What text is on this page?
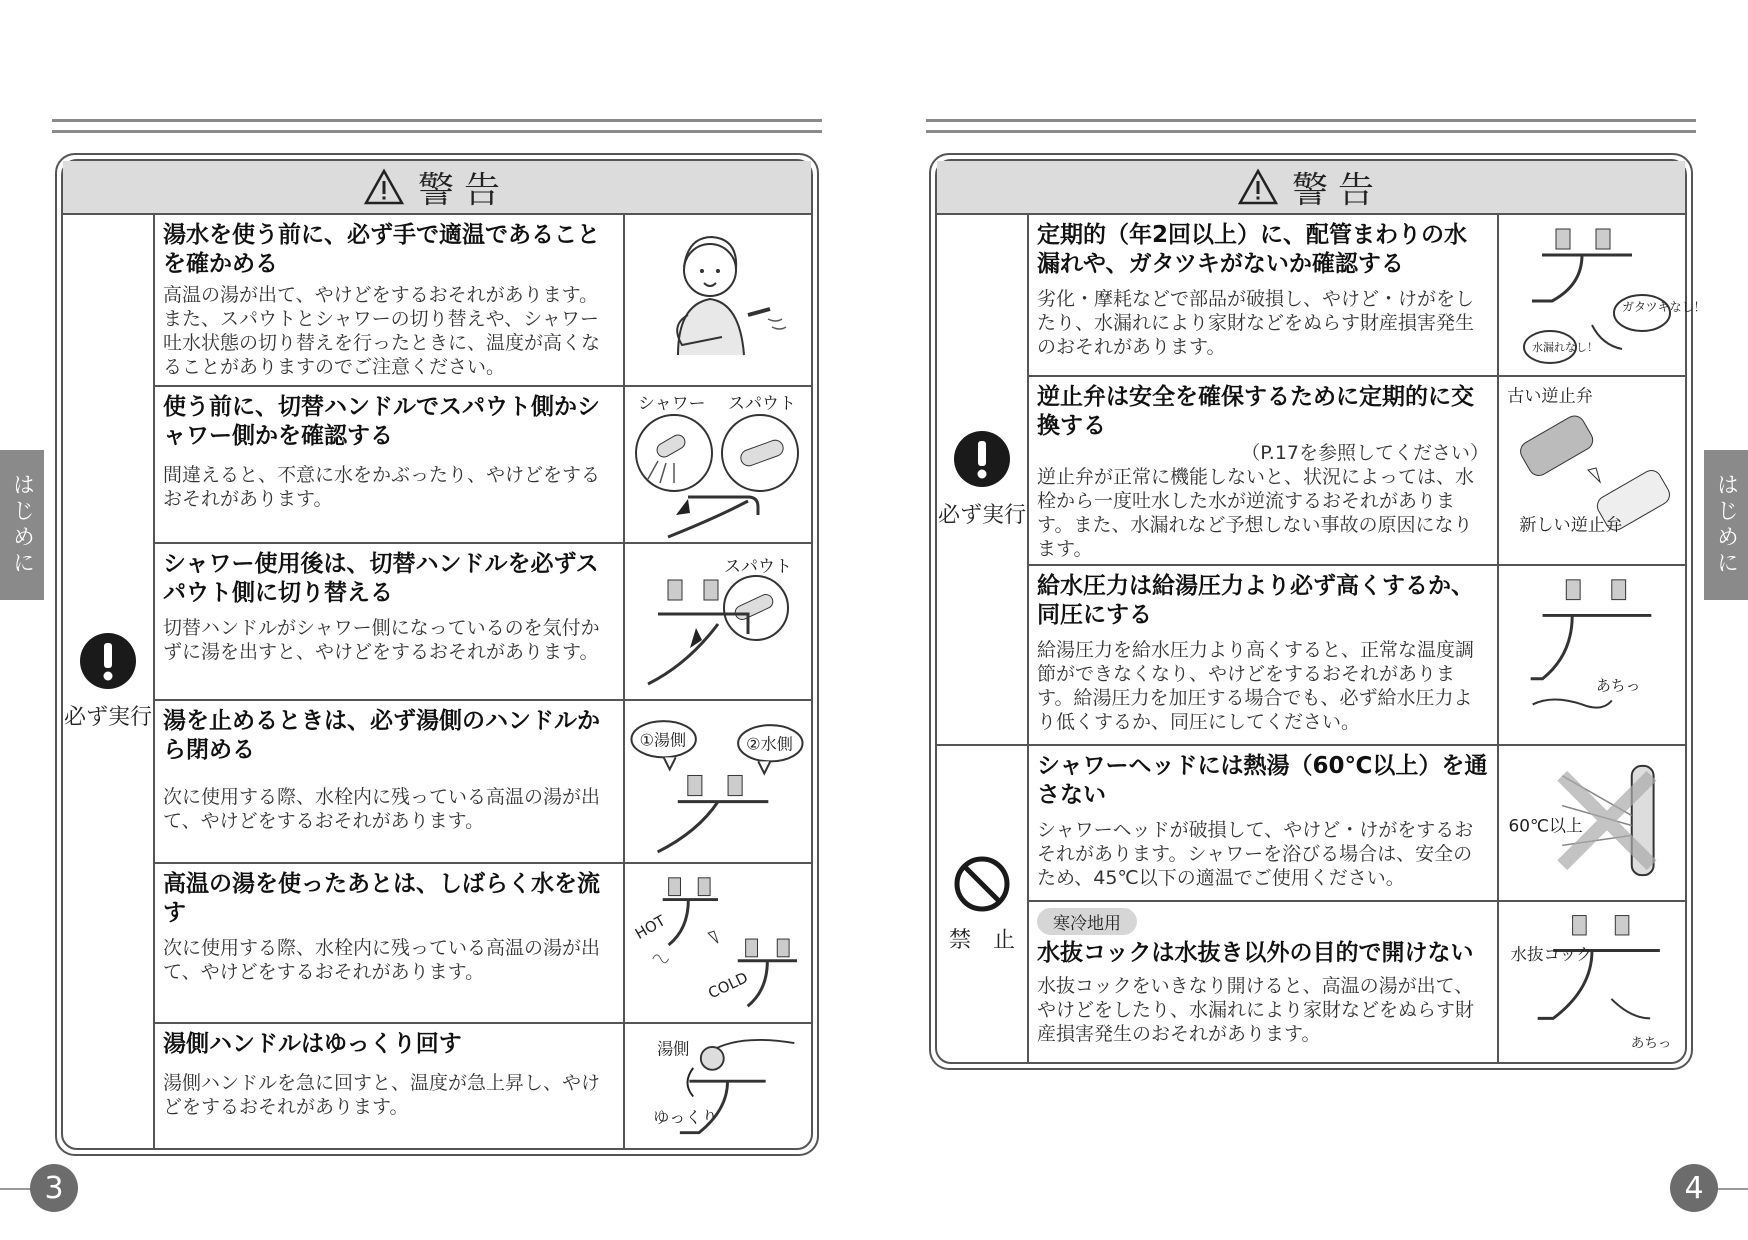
警告
必ず実行
湯水を使う前に、必ず手で適温であることを確かめる
高温の湯が出て、やけどをするおそれがあります。また、スパウトとシャワーの切り替えや、シャワー吐水状態の切り替えを行ったときに、温度が高くなることがありますのでご注意ください。
使う前に、切替ハンドルでスパウト側かシャワー側かを確認する
間違えると、不意に水をかぶったり、やけどをするおそれがあります。
シャワー スパウト
シャワー使用後は、切替ハンドルを必ずスパウト側に切り替える
切替ハンドルがシャワー側になっているのを気付かずに湯を出すと、やけどをするおそれがあります。
スパウト
湯を止めるときは、必ず湯側のハンドルから閉める
次に使用する際、水栓内に残っている高温の湯が出て、やけどをするおそれがあります。
①湯側	②水側
高温の湯を使ったあとは、しばらく水を流す
次に使用する際、水栓内に残っている高温の湯が出て、やけどをするおそれがあります。
HOT
COLD
湯側ハンドルはゆっくり回す
湯側ハンドルを急に回すと、温度が急上昇し、やけどをするおそれがあります。
湯側
ゆっくり
はじめに
3
警告
必ず実行
禁　止
定期的（年2回以上）に、配管まわりの水漏れや、ガタツキがないか確認する
劣化・摩耗などで部品が破損し、やけど・けがをしたり、水漏れにより家財などをぬらす財産損害発生のおそれがあります。
ガタツキなし！
水漏れなし！
逆止弁は安全を確保するために定期的に交換する
（P.17を参照してください）
逆止弁が正常に機能しないと、状況によっては、水栓から一度吐水した水が逆流するおそれがあります。また、水漏れなど予想しない事故の原因になります。
古い逆止弁
新しい逆止弁
給水圧力は給湯圧力より必ず高くするか、同圧にする
給湯圧力を給水圧力より高くすると、正常な温度調節ができなくなり、やけどをするおそれがあります。給湯圧力を加圧する場合でも、必ず給水圧力より低くするか、同圧にしてください。
あちっ
シャワーヘッドには熱湯（60℃以上）を通さない
シャワーヘッドが破損して、やけど・けがをするおそれがあります。シャワーを浴びる場合は、安全のため、45℃以下の適温でご使用ください。
60℃以上
寒冷地用
水抜コックは水抜き以外の目的で開けない
水抜コックをいきなり開けると、高温の湯が出て、やけどをしたり、水漏れにより家財などをぬらす財産損害発生のおそれがあります。
水抜コック
あちっ
はじめに
4
